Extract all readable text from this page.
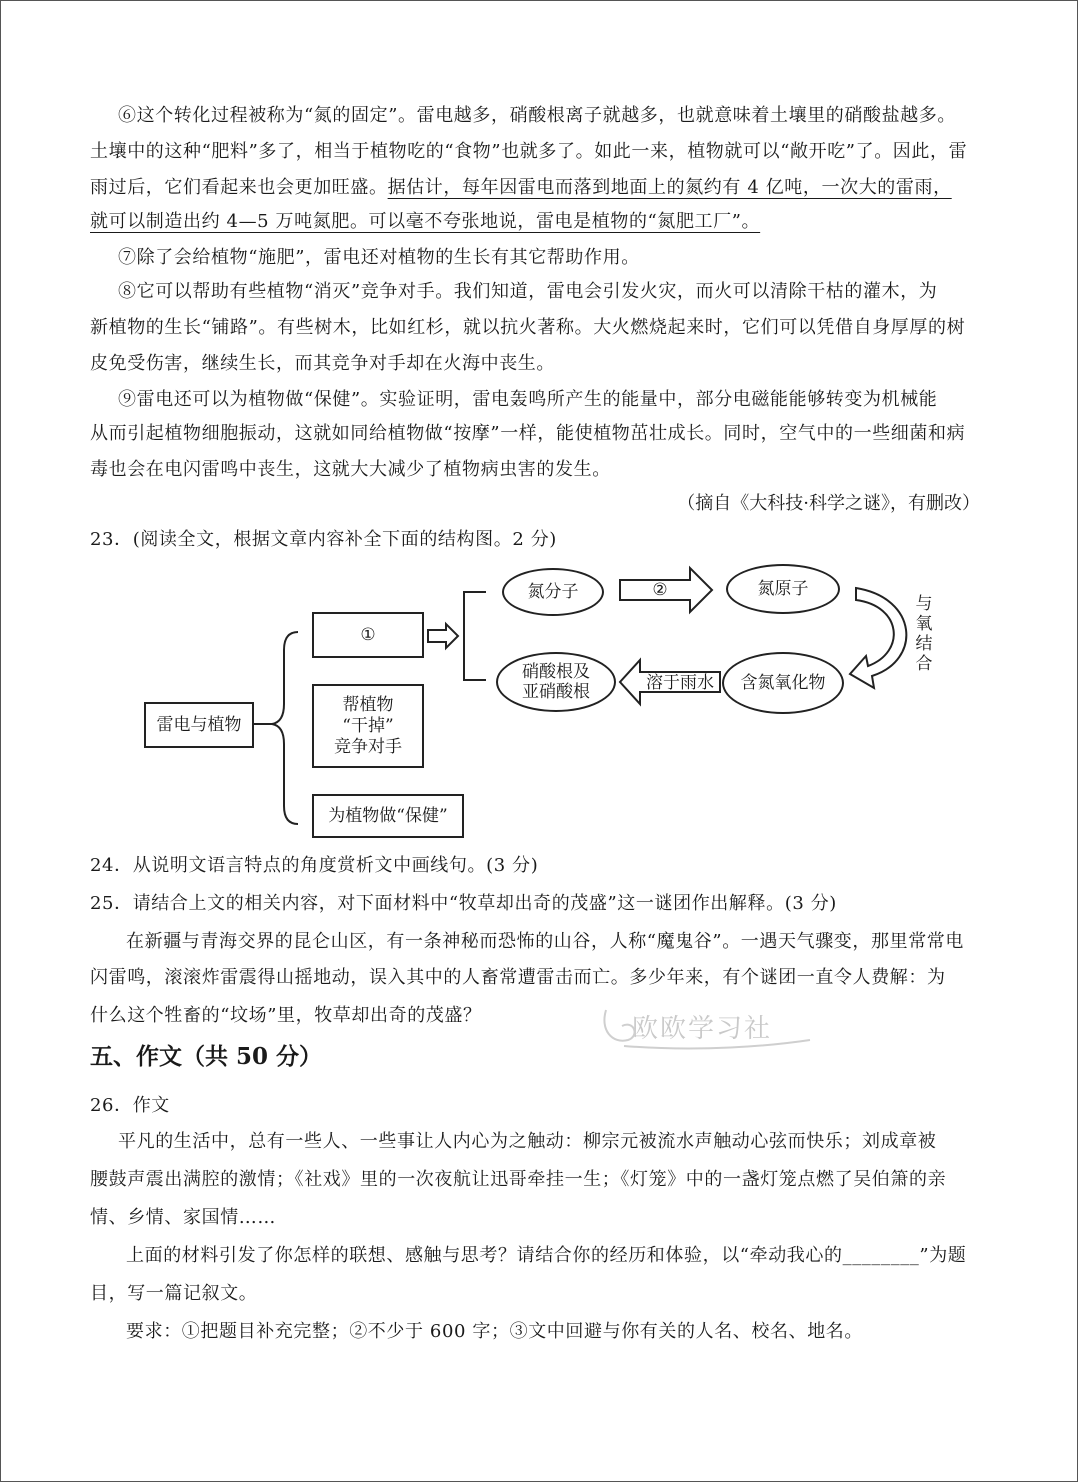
⑥这个转化过程被称为“氮的固定”。雷电越多，硝酸根离子就越多，也就意味着土壤里的硝酸盐越多。
土壤中的这种“肥料”多了，相当于植物吃的“食物”也就多了。如此一来，植物就可以“敞开吃”了。因此，雷
雨过后，它们看起来也会更加旺盛。据估计，每年因雷电而落到地面上的氮约有 4 亿吨，一次大的雷雨，
就可以制造出约 4—5 万吨氮肥。可以毫不夸张地说，雷电是植物的“氮肥工厂”。
⑦除了会给植物“施肥”，雷电还对植物的生长有其它帮助作用。
⑧它可以帮助有些植物“消灭”竞争对手。我们知道，雷电会引发火灾，而火可以清除干枯的灌木，为
新植物的生长“铺路”。有些树木，比如红杉，就以抗火著称。大火燃烧起来时，它们可以凭借自身厚厚的树
皮免受伤害，继续生长，而其竞争对手却在火海中丧生。
⑨雷电还可以为植物做“保健”。实验证明，雷电轰鸣所产生的能量中，部分电磁能能够转变为机械能
从而引起植物细胞振动，这就如同给植物做“按摩”一样，能使植物茁壮成长。同时，空气中的一些细菌和病
毒也会在电闪雷鸣中丧生，这就大大减少了植物病虫害的发生。
（摘自《大科技·科学之谜》，有删改）
23．(阅读全文，根据文章内容补全下面的结构图。2 分)
雷电与植物
①
帮植物
“干掉”
竞争对手
为植物做“保健”
氮分子	②	氮原子
与
氧
结
合
含氮氧化物
溶于雨水
硝酸根及
亚硝酸根
24．从说明文语言特点的角度赏析文中画线句。(3 分)
25．请结合上文的相关内容，对下面材料中“牧草却出奇的茂盛”这一谜团作出解释。(3 分)
在新疆与青海交界的昆仑山区，有一条神秘而恐怖的山谷，人称“魔鬼谷”。一遇天气骤变，那里常常电
闪雷鸣，滚滚炸雷震得山摇地动，误入其中的人畜常遭雷击而亡。多少年来，有个谜团一直令人费解：为
什么这个牲畜的“坟场”里，牧草却出奇的茂盛？	欧欧学习社
五、作文（共 50 分）
26．作文
平凡的生活中，总有一些人、一些事让人内心为之触动：柳宗元被流水声触动心弦而快乐；刘成章被
腰鼓声震出满腔的激情；《社戏》里的一次夜航让迅哥牵挂一生；《灯笼》中的一盏灯笼点燃了吴伯箫的亲
情、乡情、家国情……
上面的材料引发了你怎样的联想、感触与思考？请结合你的经历和体验，以“牵动我心的________”为题
目，写一篇记叙文。
要求：①把题目补充完整；②不少于 600 字；③文中回避与你有关的人名、校名、地名。
